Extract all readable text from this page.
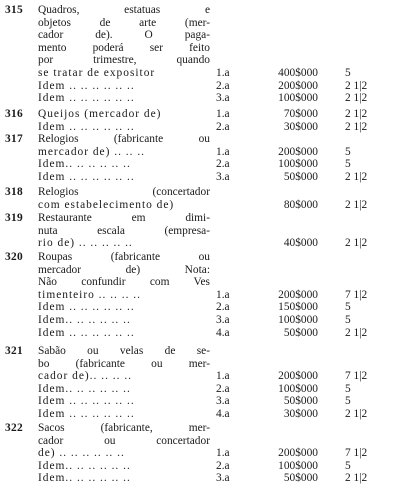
315	Quadros, estatuas e
objetos de arte (mer-
cador de). O paga-
mento poderá ser feito
por trimestre, quando
se tratar de expositor	1.a	400$000 5
Idem .. .. .. .. .. ..	2.a	200$000 2 1|2
Idem .. .. .. .. .. ..	3.a	100$000 2 1|2
316	Queijos (mercador de)	1.a	70$000 2 1|2
Idem .. .. .. .. .. ..	2.a	30$000 2 1|2
317	Relogios (fabricante ou
mercador de) .. .. ..	1.a	200$000 5
Idem.. .. .. .. .. ..	2.a	100$000 5
Idem .. .. .. .. .. ..	3.a	50$000 2 1|2
318	Relogios (concertador
com estabelecimento de)	80$000 2 1|2
319	Restaurante em dimi-
nuta escala (empresa-
rio de) .. .. .. .. ..	40$000 2 1|2
320	Roupas (fabricante ou
mercador de) Nota:
Não confundir com Ves
timenteiro .. .. .. ..	1.a	200$000 7 1|2
Idem .. .. .. .. .. ..	2.a	150$000 5
Idem.. .. .. .. .. ..	3.a	100$000 5
Idem .. .. .. .. .. ..	4.a	50$000 2 1|2
321	Sabão ou velas de se-
bo (fabricante ou mer-
cador de).. .. .. ..	1.a	200$000 7 1|2
Idem.. .. .. .. .. ..	2.a	100$000 5
Idem .. .. .. .. .. ..	3.a	50$000 5
Idem .. .. .. .. .. ..	4.a	30$000 2 1|2
322	Sacos (fabricante, mer-
cador ou concertador
de) .. .. .. .. .. ..	1.a	200$000 7 1|2
Idem.. .. .. .. .. ..	2.a	100$000 5
Idem.. .. .. .. .. ..	3.a	50$000 2 1|2
